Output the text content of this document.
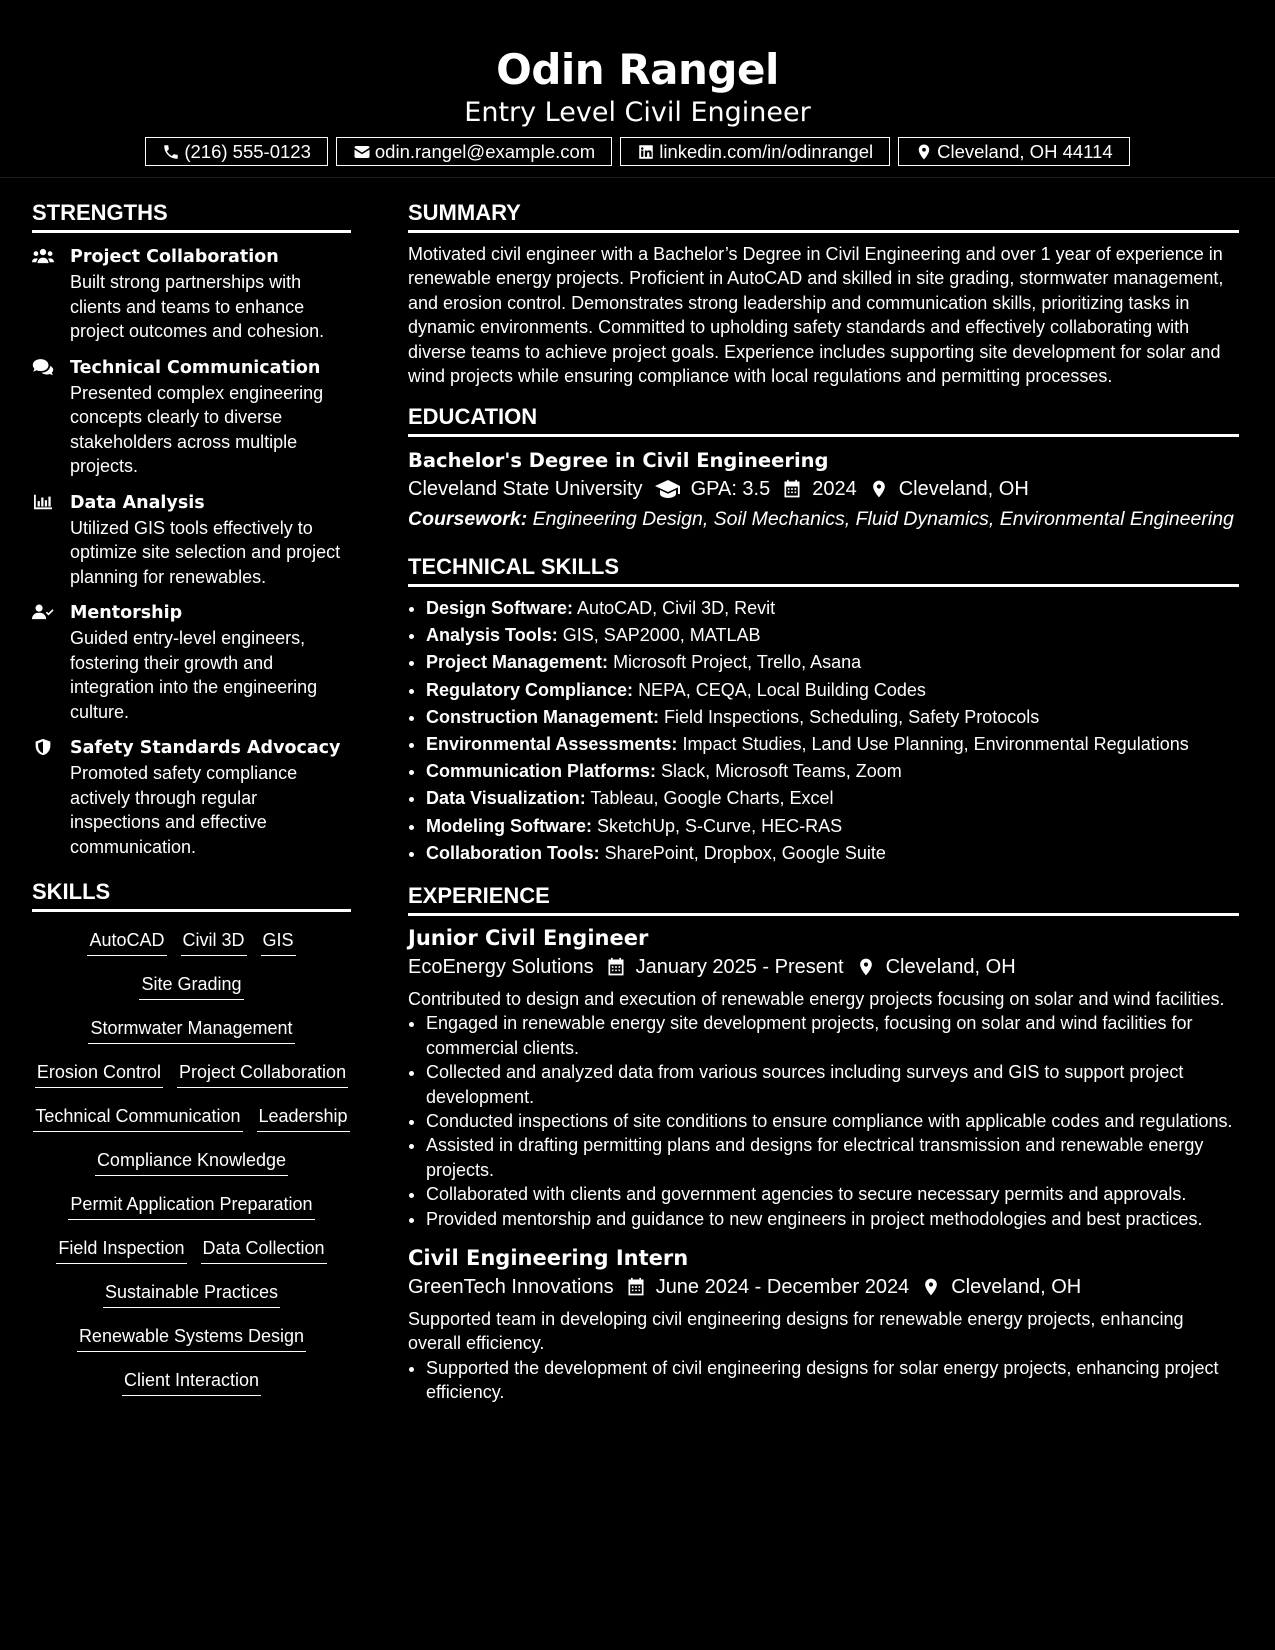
Odin Rangel
Entry Level Civil Engineer
(216) 555-0123	odin.rangel@example.com	linkedin.com/in/odinrangel	Cleveland, OH 44114
STRENGTHS
Project Collaboration
Built strong partnerships with clients and teams to enhance project outcomes and cohesion.
Technical Communication
Presented complex engineering concepts clearly to diverse stakeholders across multiple projects.
Data Analysis
Utilized GIS tools effectively to optimize site selection and project planning for renewables.
Mentorship
Guided entry-level engineers, fostering their growth and integration into the engineering culture.
Safety Standards Advocacy
Promoted safety compliance actively through regular inspections and effective communication.
SKILLS
AutoCAD Civil 3D GIS
Site Grading
Stormwater Management
Erosion Control Project Collaboration
Technical Communication Leadership
Compliance Knowledge
Permit Application Preparation
Field Inspection Data Collection
Sustainable Practices
Renewable Systems Design
Client Interaction
SUMMARY
Motivated civil engineer with a Bachelor’s Degree in Civil Engineering and over 1 year of experience in renewable energy projects. Proficient in AutoCAD and skilled in site grading, stormwater management, and erosion control. Demonstrates strong leadership and communication skills, prioritizing tasks in dynamic environments. Committed to upholding safety standards and effectively collaborating with diverse teams to achieve project goals. Experience includes supporting site development for solar and wind projects while ensuring compliance with local regulations and permitting processes.
EDUCATION
Bachelor's Degree in Civil Engineering
Cleveland State University GPA: 3.5 2024 Cleveland, OH
Coursework: Engineering Design, Soil Mechanics, Fluid Dynamics, Environmental Engineering
TECHNICAL SKILLS
• Design Software: AutoCAD, Civil 3D, Revit
• Analysis Tools: GIS, SAP2000, MATLAB
• Project Management: Microsoft Project, Trello, Asana
• Regulatory Compliance: NEPA, CEQA, Local Building Codes
• Construction Management: Field Inspections, Scheduling, Safety Protocols
• Environmental Assessments: Impact Studies, Land Use Planning, Environmental Regulations
• Communication Platforms: Slack, Microsoft Teams, Zoom
• Data Visualization: Tableau, Google Charts, Excel
• Modeling Software: SketchUp, S-Curve, HEC-RAS
• Collaboration Tools: SharePoint, Dropbox, Google Suite
EXPERIENCE
Junior Civil Engineer
EcoEnergy Solutions January 2025 - Present Cleveland, OH
Contributed to design and execution of renewable energy projects focusing on solar and wind facilities.
• Engaged in renewable energy site development projects, focusing on solar and wind facilities for commercial clients.
• Collected and analyzed data from various sources including surveys and GIS to support project development.
• Conducted inspections of site conditions to ensure compliance with applicable codes and regulations.
• Assisted in drafting permitting plans and designs for electrical transmission and renewable energy projects.
• Collaborated with clients and government agencies to secure necessary permits and approvals.
• Provided mentorship and guidance to new engineers in project methodologies and best practices.
Civil Engineering Intern
GreenTech Innovations June 2024 - December 2024 Cleveland, OH
Supported team in developing civil engineering designs for renewable energy projects, enhancing overall efficiency.
• Supported the development of civil engineering designs for solar energy projects, enhancing project efficiency.
